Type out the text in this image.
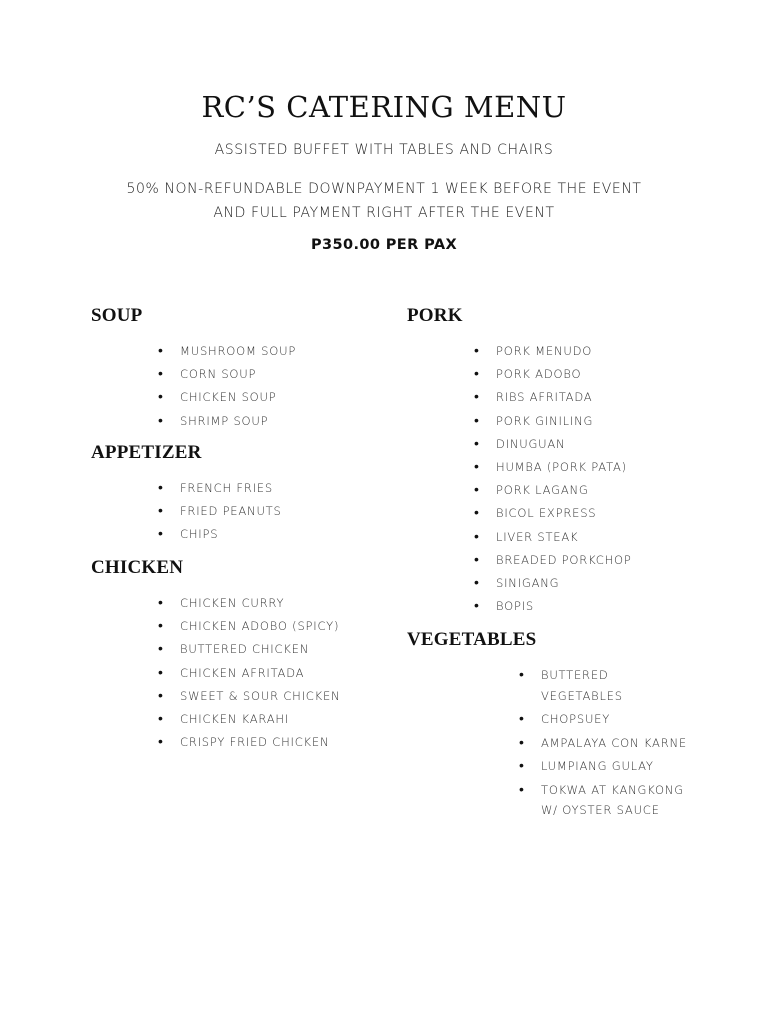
RC’S CATERING MENU
ASSISTED BUFFET WITH TABLES AND CHAIRS
50% NON-REFUNDABLE DOWNPAYMENT 1 WEEK BEFORE THE EVENT
AND FULL PAYMENT RIGHT AFTER THE EVENT
P350.00 PER PAX
SOUP
• MUSHROOM SOUP
• CORN SOUP
• CHICKEN SOUP
• SHRIMP SOUP
APPETIZER
• FRENCH FRIES
• FRIED PEANUTS
• CHIPS
CHICKEN
• CHICKEN CURRY
• CHICKEN ADOBO (SPICY)
• BUTTERED CHICKEN
• CHICKEN AFRITADA
• SWEET & SOUR CHICKEN
• CHICKEN KARAHI
• CRISPY FRIED CHICKEN
PORK
• PORK MENUDO
• PORK ADOBO
• RIBS AFRITADA
• PORK GINILING
• DINUGUAN
• HUMBA (PORK PATA)
• PORK LAGANG
• BICOL EXPRESS
• LIVER STEAK
• BREADED PORKCHOP
• SINIGANG
• BOPIS
VEGETABLES
• BUTTERED VEGETABLES
• CHOPSUEY
• AMPALAYA CON KARNE
• LUMPIANG GULAY
• TOKWA AT KANGKONG W/ OYSTER SAUCE
